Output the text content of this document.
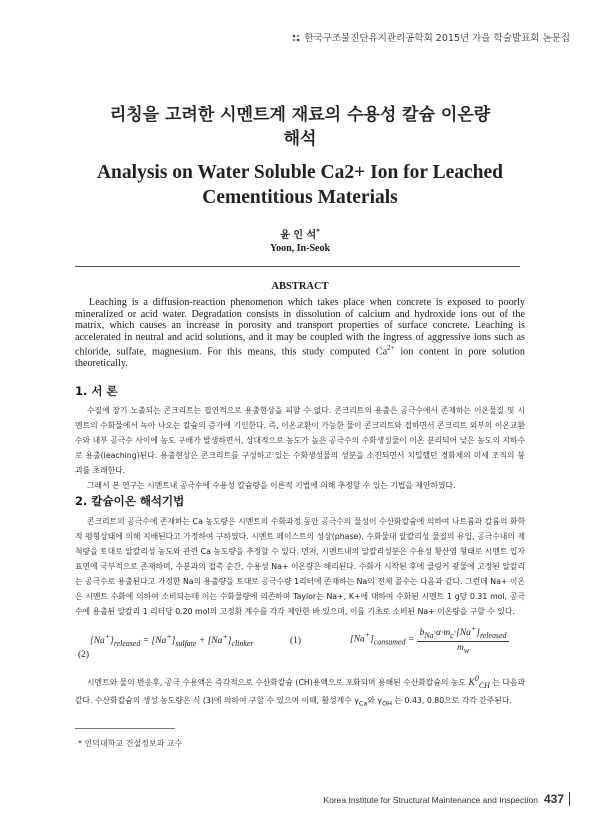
한국구조물진단유지관리공학회 2015년 가을 학술발표회 논문집
리칭을 고려한 시멘트계 재료의 수용성 칼슘 이온량
해석
Analysis on Water Soluble Ca2+ Ion for Leached
Cementitious Materials
윤 인 석*
Yoon, In-Seok
ABSTRACT
Leaching is a diffusion-reaction phenomenon which takes place when concrete is exposed to poorly mineralized or acid water. Degradation consists in dissolution of calcium and hydroxide ions out of the matrix, which causes an increase in porosity and transport properties of surface concrete. Leaching is accelerated in neutral and acid solutions, and it may be coupled with the ingress of aggressive ions such as chloride, sulfate, magnesium. For this means, this study computed $Ca^{2+}$ ion content in pore solution theoretically.
1. 서 론

수질에 장기 노출되는 콘크리트는 필연적으로 용출현상을 피할 수 없다. 콘크리트의 용출은 공극수에서 존재하는 이온물질 및 시멘트의 수화물에서 녹아 나오는 칼슘의 증가에 기인한다. 즉, 이온교환이 가능한 물이 콘크리트와 접하면서 콘크리트 외부의 이온교환수와 내부 공극수 사이에 농도 구배가 발생하면서, 상대적으로 농도가 높은 공극수의 수화생성물이 이온 분리되어 낮은 농도의 지하수로 용출(leaching)된다. 용출현상은 콘크리트를 구성하고 있는 수화생성물의 성분을 소진되면서 치밀했던 경화체의 미세 조직의 붕괴를 초래한다.

그래서 본 연구는 시멘트내 공극수에 수용성 칼슘량을 이론적 기법에 의해 추정할 수 있는 기법을 제안하였다.

2. 칼슘이온 해석기법

콘크리트의 공극수에 존재하는 Ca 농도량은 시멘트의 수화과정 동안 공극수의 물성이 수산화칼슘에 의하여 나트륨과 칼륨의 화학적 평형상태에 의해 지배된다고 가정하여 구하였다. 시멘트 페이스트의 성상(phase), 수화물내 알칼리성 물질의 유입, 공극수내의 제척량을 토대로 알칼리성 농도와 관련 Ca 농도량을 추정할 수 있다. 먼저, 시멘트내의 알칼리성분은 수용성 황산염 형태로 시멘트 입자 표면에 국부적으로 존재하며, 수분과의 접촉 순간, 수용성 Na+ 이온량은 해리된다. 수화가 시작된 후에 클링커 광물에 고정된 알칼리는 공극수로 용출된다고 가정한 Na의 용출량을 토대로 공극수량 1리터에 존재하는 Na의 전체 몰수는 다음과 같다. 그런데 Na+ 이온은 시멘트 수화에 의하여 소비되는데 이는 수화물량에 의존하며 Taylor는 Na+, K+에 대하여 수화된 시멘트 1 g당 0.31 mol, 공극수에 용출된 알칼리 1 리터당 0.20 mol의 고정화 계수를 각각 제안한 바 있으며, 이를 기초로 소비된 Na+ 이온량을 구할 수 있다.

$[Na^+]_{released} = [Na^+]_{sulfate} + [Na^+]_{clinker}$	(1)	$[Na^+]_{consumed} = \frac{b_{Na}\cdot\alpha\cdot m_c\cdot[Na^+]_{released}}{m_w}$
(2)

시멘트와 물의 반응후, 공극 수용액은 즉각적으로 수산화칼슘 (CH)용액으로 포화되며 용해된 수산화칼슘의 농도 $K^0_{CH}$ 는 다음과 같다. 수산화칼슘의 생성 농도량은 식 (3)에 의하여 구할 수 있으며 이때, 활성계수 $\gamma_{Ca}$와 $\gamma_{OH}$ 는 0.43, 0.80으로 각각 간주된다.

* 인덕대학교 건설정보과 교수
Korea Institute for Structural Maintenance and Inspection 437
